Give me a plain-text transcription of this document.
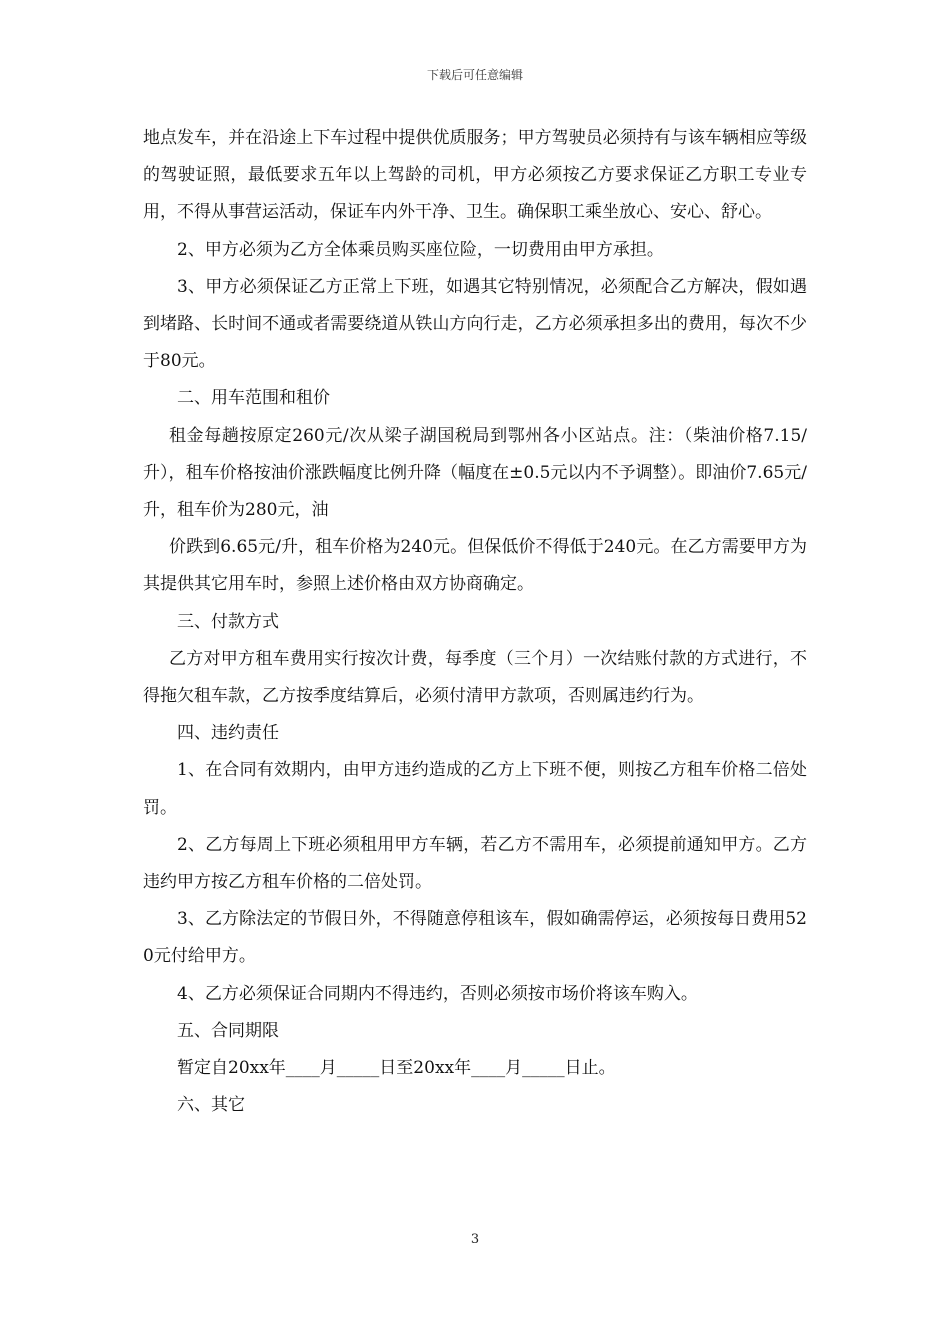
下载后可任意编辑

地点发车，并在沿途上下车过程中提供优质服务；甲方驾驶员必须持有与该车辆相应等级的驾驶证照，最低要求五年以上驾龄的司机，甲方必须按乙方要求保证乙方职工专业专用，不得从事营运活动，保证车内外干净、卫生。确保职工乘坐放心、安心、舒心。

2、甲方必须为乙方全体乘员购买座位险，一切费用由甲方承担。

3、甲方必须保证乙方正常上下班，如遇其它特别情况，必须配合乙方解决，假如遇到堵路、长时间不通或者需要绕道从铁山方向行走，乙方必须承担多出的费用，每次不少于80元。

二、用车范围和租价

租金每趟按原定260元/次从梁子湖国税局到鄂州各小区站点。注：（柴油价格7.15/升），租车价格按油价涨跌幅度比例升降（幅度在±0.5元以内不予调整）。即油价7.65元/升，租车价为280元，油

价跌到6.65元/升，租车价格为240元。但保低价不得低于240元。在乙方需要甲方为其提供其它用车时，参照上述价格由双方协商确定。

三、付款方式

乙方对甲方租车费用实行按次计费，每季度（三个月）一次结账付款的方式进行，不得拖欠租车款，乙方按季度结算后，必须付清甲方款项，否则属违约行为。

四、违约责任

1、在合同有效期内，由甲方违约造成的乙方上下班不便，则按乙方租车价格二倍处罚。

2、乙方每周上下班必须租用甲方车辆，若乙方不需用车，必须提前通知甲方。乙方违约甲方按乙方租车价格的二倍处罚。

3、乙方除法定的节假日外，不得随意停租该车，假如确需停运，必须按每日费用520元付给甲方。

4、乙方必须保证合同期内不得违约，否则必须按市场价将该车购入。

五、合同期限

暂定自20xx年____月_____日至20xx年____月_____日止。

六、其它

3
